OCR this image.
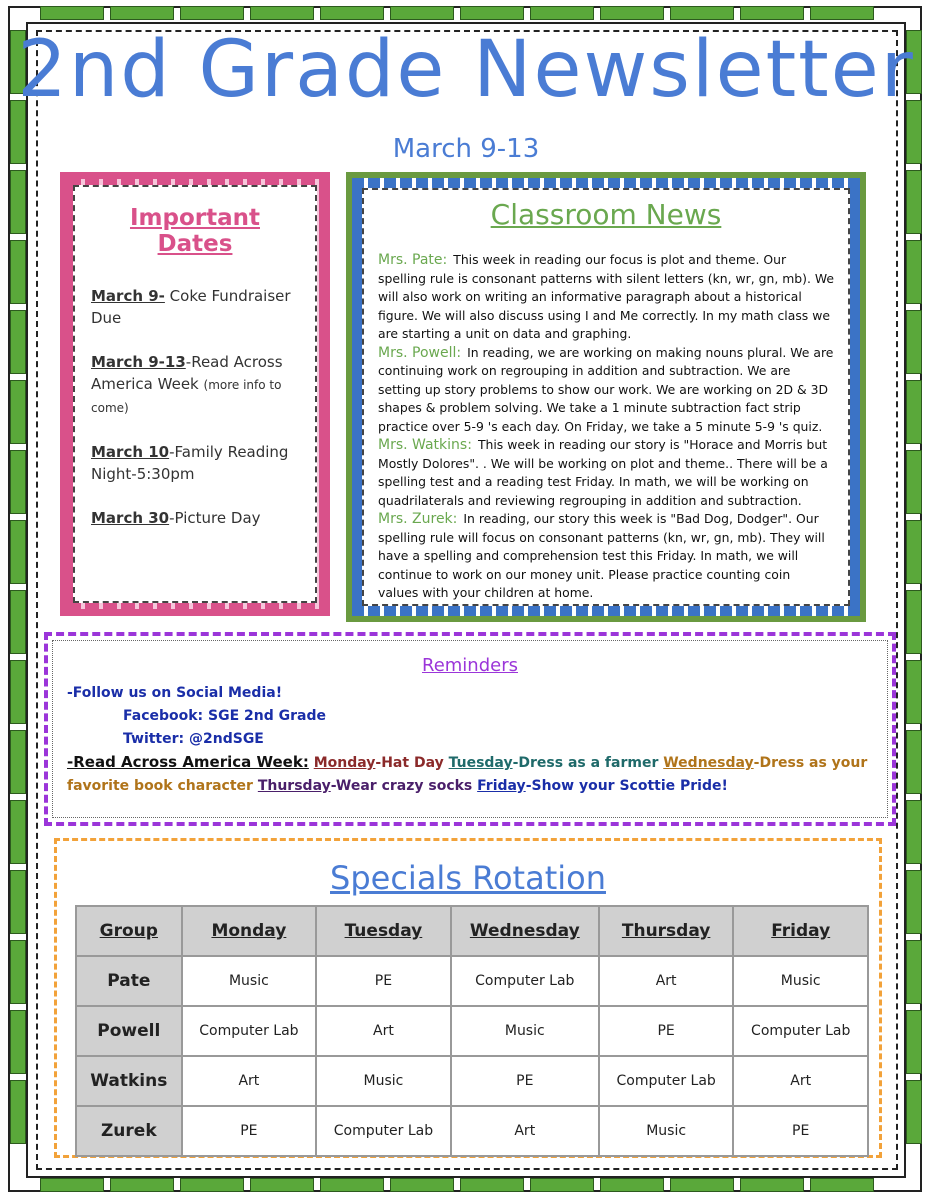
2nd Grade Newsletter
March 9-13
Important Dates
March 9- Coke Fundraiser Due
March 9-13-Read Across America Week (more info to come)
March 10-Family Reading Night-5:30pm
March 30-Picture Day
Classroom News

Mrs. Pate: This week in reading our focus is plot and theme. Our spelling rule is consonant patterns with silent letters (kn, wr, gn, mb). We will also work on writing an informative paragraph about a historical figure. We will also discuss using I and Me correctly. In my math class we are starting a unit on data and graphing.

Mrs. Powell: In reading, we are working on making nouns plural. We are continuing work on regrouping in addition and subtraction. We are setting up story problems to show our work. We are working on 2D & 3D shapes & problem solving. We take a 1 minute subtraction fact strip practice over 5-9 's each day. On Friday, we take a 5 minute 5-9 's quiz.

Mrs. Watkins: This week in reading our story is "Horace and Morris but Mostly Dolores". . We will be working on plot and theme.. There will be a spelling test and a reading test Friday. In math, we will be working on quadrilaterals and reviewing regrouping in addition and subtraction.

Mrs. Zurek: In reading, our story this week is "Bad Dog, Dodger". Our spelling rule will focus on consonant patterns (kn, wr, gn, mb). They will have a spelling and comprehension test this Friday. In math, we will continue to work on our money unit. Please practice counting coin values with your children at home.

Reminders
-Follow us on Social Media!
Facebook: SGE 2nd Grade
Twitter: @2ndSGE
-Read Across America Week: Monday-Hat Day Tuesday-Dress as a farmer Wednesday-Dress as your favorite book character Thursday-Wear crazy socks Friday-Show your Scottie Pride!
Specials Rotation
Group	Monday	Tuesday	Wednesday	Thursday	Friday
Pate	Music	PE	Computer Lab	Art	Music
Powell	Computer Lab	Art	Music	PE	Computer Lab
Watkins	Art	Music	PE	Computer Lab	Art
Zurek	PE	Computer Lab	Art	Music	PE
